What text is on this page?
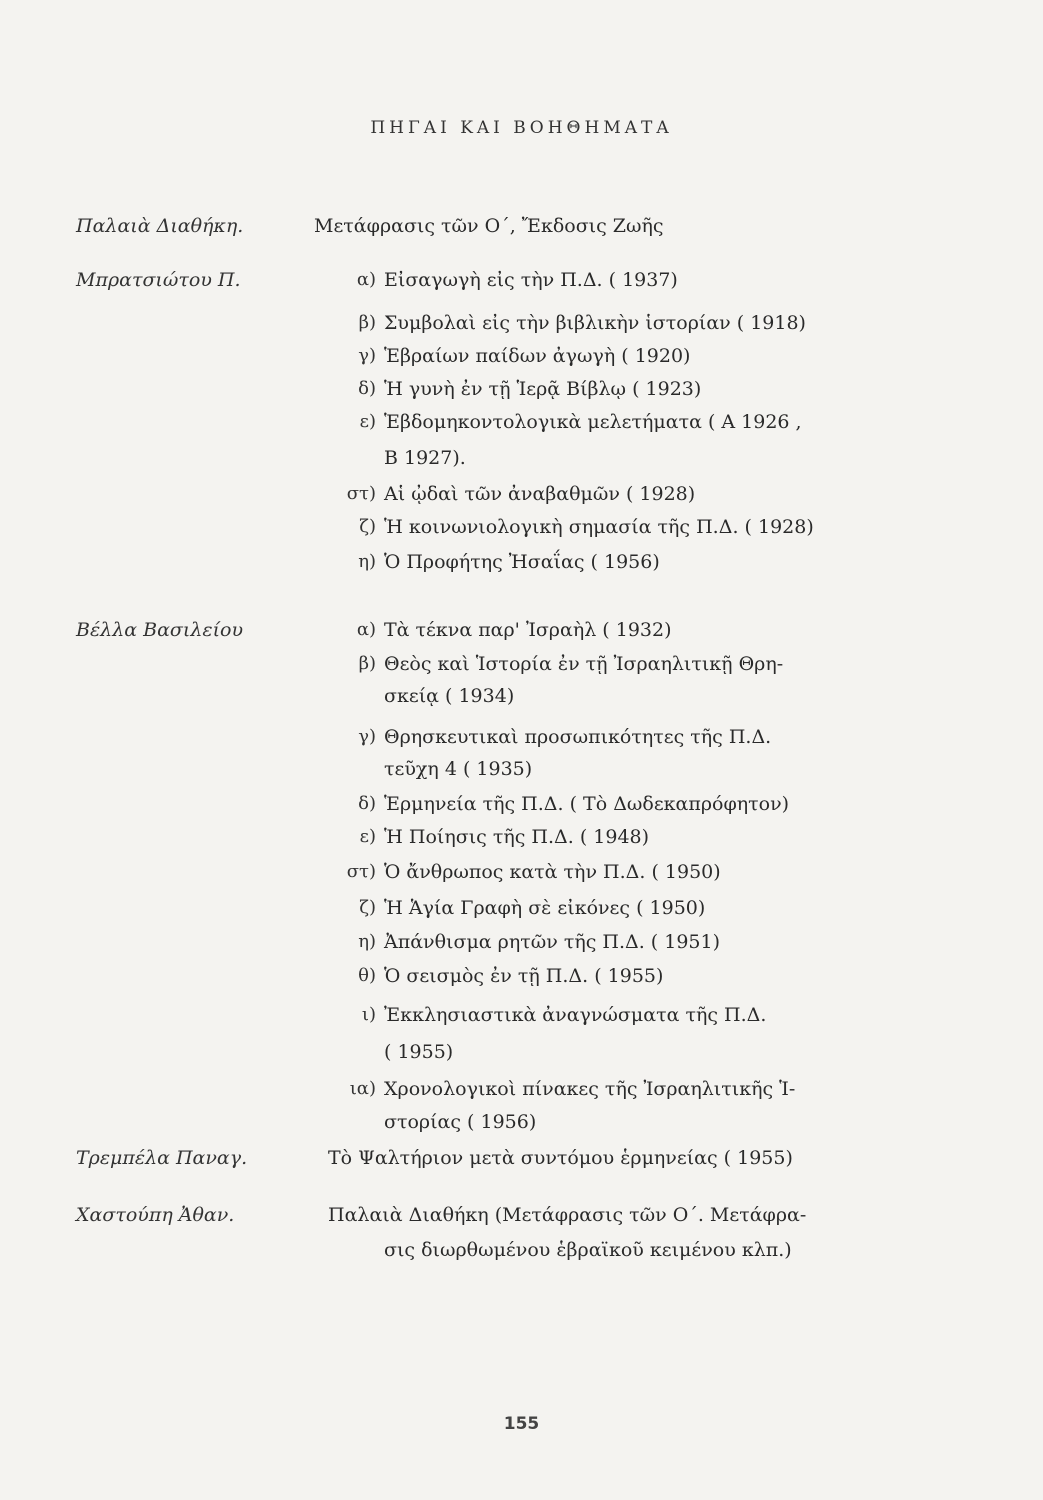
ΠΗΓΑΙ ΚΑΙ ΒΟΗΘΗΜΑΤΑ
Παλαιὰ Διαθήκη.	Μετάφρασις τῶν Ο΄, Ἔκδοσις Ζωῆς
Μπρατσιώτου Π.	α) Εἰσαγωγὴ εἰς τὴν Π.Δ. ( 1937)
β) Συμβολαὶ εἰς τὴν βιβλικὴν ἱστορίαν ( 1918)
γ) Ἑβραίων παίδων ἀγωγὴ ( 1920)
δ) Ἡ γυνὴ ἐν τῇ Ἱερᾷ Βίβλῳ ( 1923)
ε) Ἑβδομηκοντολογικὰ μελετήματα ( Α 1926 ,
Β 1927).
στ) Αἱ ᾠδαὶ τῶν ἀναβαθμῶν ( 1928)
ζ) Ἡ κοινωνιολογικὴ σημασία τῆς Π.Δ. ( 1928)
η) Ὁ Προφήτης Ἠσαΐας ( 1956)
Βέλλα Βασιλείου	α) Τὰ τέκνα παρ' Ἰσραὴλ ( 1932)
β) Θεὸς καὶ Ἱστορία ἐν τῇ Ἰσραηλιτικῇ Θρη-
σκείᾳ ( 1934)
γ) Θρησκευτικαὶ προσωπικότητες τῆς Π.Δ.
τεῦχη 4 ( 1935)
δ) Ἑρμηνεία τῆς Π.Δ. ( Τὸ Δωδεκαπρόφητον)
ε) Ἡ Ποίησις τῆς Π.Δ. ( 1948)
στ) Ὁ ἄνθρωπος κατὰ τὴν Π.Δ. ( 1950)
ζ) Ἡ Ἁγία Γραφὴ σὲ εἰκόνες ( 1950)
η) Ἀπάνθισμα ρητῶν τῆς Π.Δ. ( 1951)
θ) Ὁ σεισμὸς ἐν τῇ Π.Δ. ( 1955)
ι) Ἐκκλησιαστικὰ ἀναγνώσματα τῆς Π.Δ.
( 1955)
ια) Χρονολογικοὶ πίνακες τῆς Ἰσραηλιτικῆς Ἱ-
στορίας ( 1956)
Τρεμπέλα Παναγ.	Τὸ Ψαλτήριον μετὰ συντόμου ἑρμηνείας ( 1955)
Χαστούπη Ἀθαν.	Παλαιὰ Διαθήκη (Μετάφρασις τῶν Ο΄. Μετάφρα-
σις διωρθωμένου ἑβραϊκοῦ κειμένου κλπ.)
155
